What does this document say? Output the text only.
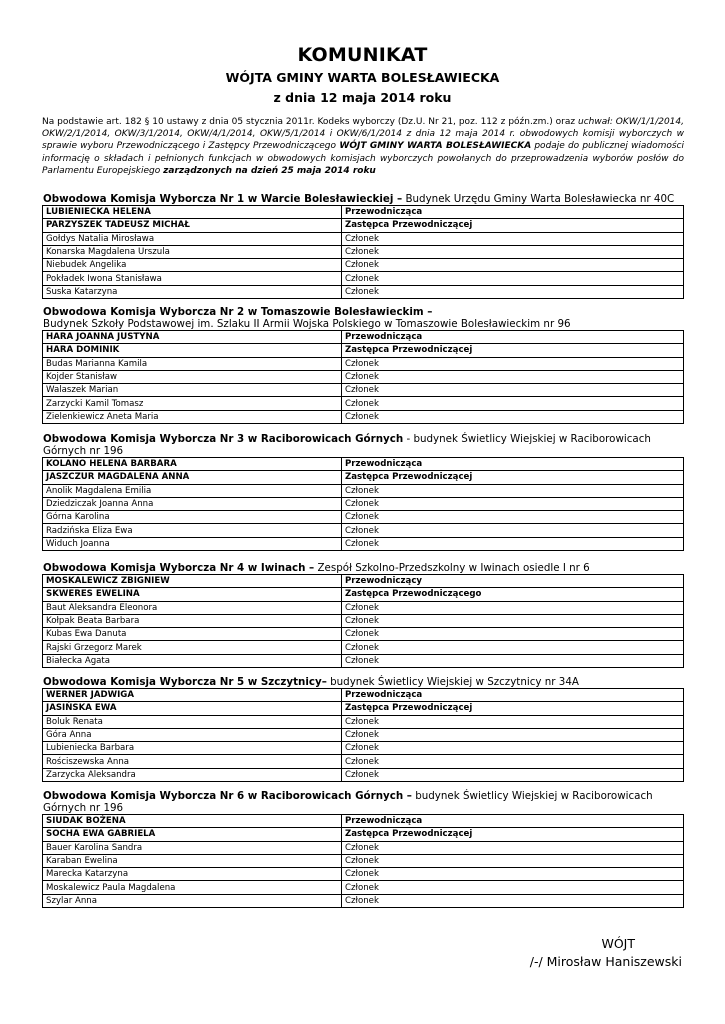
KOMUNIKAT
WÓJTA GMINY WARTA BOLESŁAWIECKA
z dnia 12 maja 2014 roku
Na podstawie art. 182 § 10 ustawy z dnia 05 stycznia 2011r. Kodeks wyborczy (Dz.U. Nr 21, poz. 112 z późn.zm.) oraz uchwał: OKW/1/1/2014, OKW/2/1/2014, OKW/3/1/2014, OKW/4/1/2014, OKW/5/1/2014 i OKW/6/1/2014 z dnia 12 maja 2014 r. obwodowych komisji wyborczych w sprawie wyboru Przewodniczącego i Zastępcy Przewodniczącego WÓJT GMINY WARTA BOLESŁAWIECKA podaje do publicznej wiadomości informację o składach i pełnionych funkcjach w obwodowych komisjach wyborczych powołanych do przeprowadzenia wyborów posłów do Parlamentu Europejskiego zarządzonych na dzień 25 maja 2014 roku
Obwodowa Komisja Wyborcza Nr 1 w Warcie Bolesławieckiej – Budynek Urzędu Gminy Warta Bolesławiecka nr 40C
LUBIENIECKA HELENA	Przewodnicząca
PARZYSZEK TADEUSZ MICHAŁ	Zastępca Przewodniczącej
Gołdys Natalia Mirosława	Członek
Konarska Magdalena Urszula	Członek
Niebudek Angelika	Członek
Pokładek Iwona Stanisława	Członek
Suska Katarzyna	Członek
Obwodowa Komisja Wyborcza Nr 2 w Tomaszowie Bolesławieckim –
Budynek Szkoły Podstawowej im. Szlaku II Armii Wojska Polskiego w Tomaszowie Bolesławieckim nr 96
HARA JOANNA JUSTYNA	Przewodnicząca
HARA DOMINIK	Zastępca Przewodniczącej
Budas Marianna Kamila	Członek
Kojder Stanisław	Członek
Walaszek Marian	Członek
Zarzycki Kamil Tomasz	Członek
Zielenkiewicz Aneta Maria	Członek
Obwodowa Komisja Wyborcza Nr 3 w Raciborowicach Górnych - budynek Świetlicy Wiejskiej w Raciborowicach Górnych nr 196
KOLANO HELENA BARBARA	Przewodnicząca
JASZCZUR MAGDALENA ANNA	Zastępca Przewodniczącej
Anolik Magdalena Emilia	Członek
Dziedziczak Joanna Anna	Członek
Górna Karolina	Członek
Radzińska Eliza Ewa	Członek
Widuch Joanna	Członek
Obwodowa Komisja Wyborcza Nr 4 w Iwinach – Zespół Szkolno-Przedszkolny w Iwinach osiedle I nr 6
MOSKALEWICZ ZBIGNIEW	Przewodniczący
SKWERES EWELINA	Zastępca Przewodniczącego
Baut Aleksandra Eleonora	Członek
Kołpak Beata Barbara	Członek
Kubas Ewa Danuta	Członek
Rajski Grzegorz Marek	Członek
Białecka Agata	Członek
Obwodowa Komisja Wyborcza Nr 5 w Szczytnicy– budynek Świetlicy Wiejskiej w Szczytnicy nr 34A
WERNER JADWIGA	Przewodnicząca
JASIŃSKA EWA	Zastępca Przewodniczącej
Boluk Renata	Członek
Góra Anna	Członek
Lubieniecka Barbara	Członek
Rościszewska Anna	Członek
Zarzycka Aleksandra	Członek
Obwodowa Komisja Wyborcza Nr 6 w Raciborowicach Górnych – budynek Świetlicy Wiejskiej w Raciborowicach Górnych nr 196
SIUDAK BOŻENA	Przewodnicząca
SOCHA EWA GABRIELA	Zastępca Przewodniczącej
Bauer Karolina Sandra	Członek
Karaban Ewelina	Członek
Marecka Katarzyna	Członek
Moskalewicz Paula Magdalena	Członek
Szylar Anna	Członek
WÓJT
/-/ Mirosław Haniszewski
